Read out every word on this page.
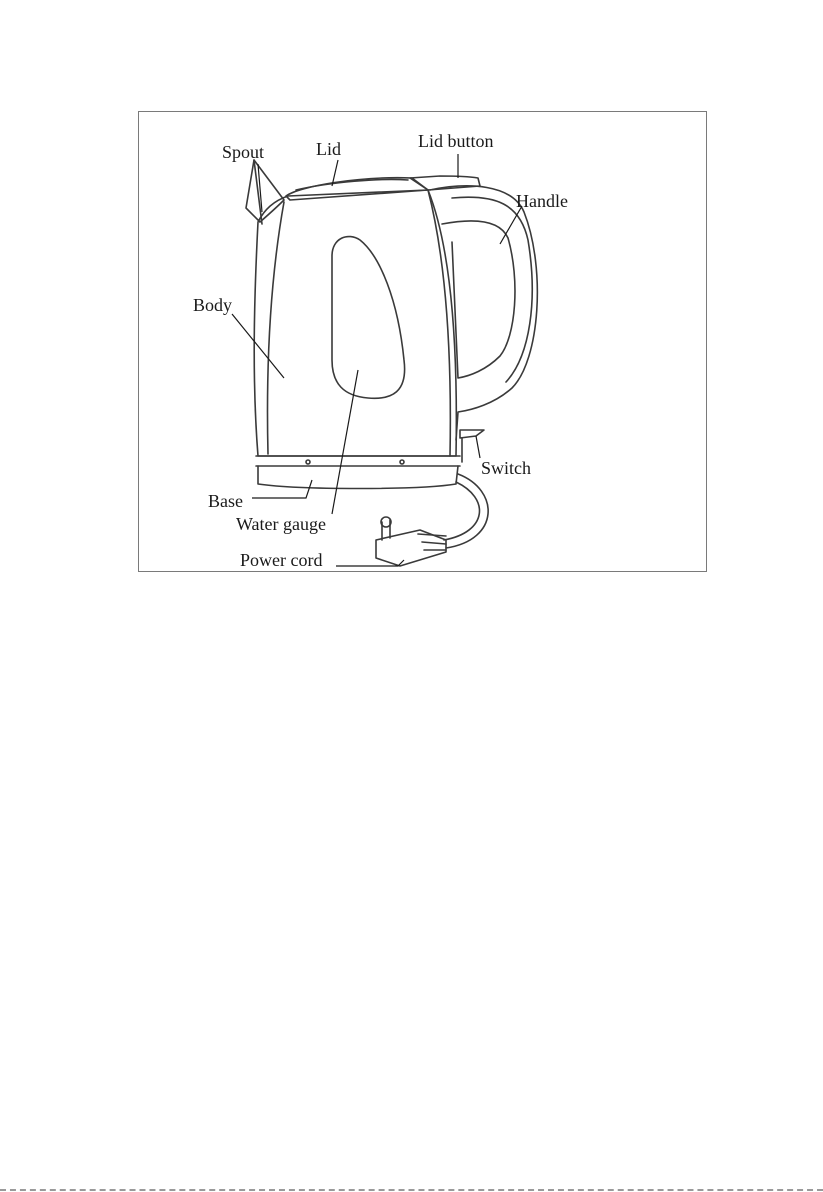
Spout	Lid	Lid button
Handle
Body
Switch
Base
Water gauge
Power cord
